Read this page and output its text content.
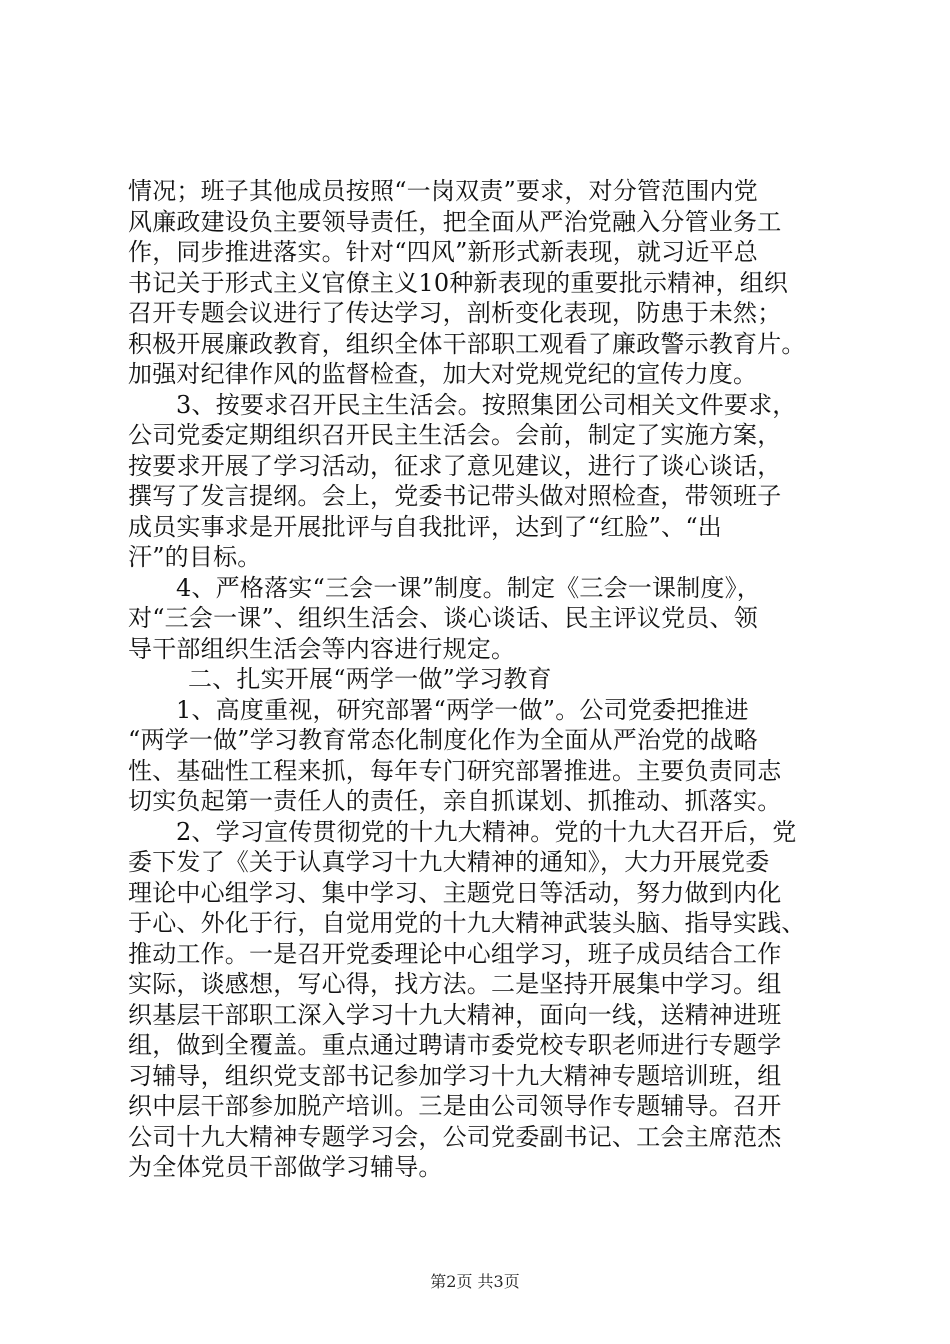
情况；班子其他成员按照“一岗双责”要求，对分管范围内党
风廉政建设负主要领导责任，把全面从严治党融入分管业务工
作，同步推进落实。针对“四风”新形式新表现，就习近平总
书记关于形式主义官僚主义10种新表现的重要批示精神，组织
召开专题会议进行了传达学习，剖析变化表现，防患于未然；
积极开展廉政教育，组织全体干部职工观看了廉政警示教育片。
加强对纪律作风的监督检查，加大对党规党纪的宣传力度。
3、按要求召开民主生活会。按照集团公司相关文件要求，
公司党委定期组织召开民主生活会。会前，制定了实施方案，
按要求开展了学习活动，征求了意见建议，进行了谈心谈话，
撰写了发言提纲。会上，党委书记带头做对照检查，带领班子
成员实事求是开展批评与自我批评，达到了“红脸”、“出
汗”的目标。
4、严格落实“三会一课”制度。制定《三会一课制度》，
对“三会一课”、组织生活会、谈心谈话、民主评议党员、领
导干部组织生活会等内容进行规定。
二、扎实开展“两学一做”学习教育
1、高度重视，研究部署“两学一做”。公司党委把推进
“两学一做”学习教育常态化制度化作为全面从严治党的战略
性、基础性工程来抓，每年专门研究部署推进。主要负责同志
切实负起第一责任人的责任，亲自抓谋划、抓推动、抓落实。
2、学习宣传贯彻党的十九大精神。党的十九大召开后，党
委下发了《关于认真学习十九大精神的通知》，大力开展党委
理论中心组学习、集中学习、主题党日等活动，努力做到内化
于心、外化于行，自觉用党的十九大精神武装头脑、指导实践、
推动工作。一是召开党委理论中心组学习，班子成员结合工作
实际，谈感想，写心得，找方法。二是坚持开展集中学习。组
织基层干部职工深入学习十九大精神，面向一线，送精神进班
组，做到全覆盖。重点通过聘请市委党校专职老师进行专题学
习辅导，组织党支部书记参加学习十九大精神专题培训班，组
织中层干部参加脱产培训。三是由公司领导作专题辅导。召开
公司十九大精神专题学习会，公司党委副书记、工会主席范杰
为全体党员干部做学习辅导。
第2页 共3页
